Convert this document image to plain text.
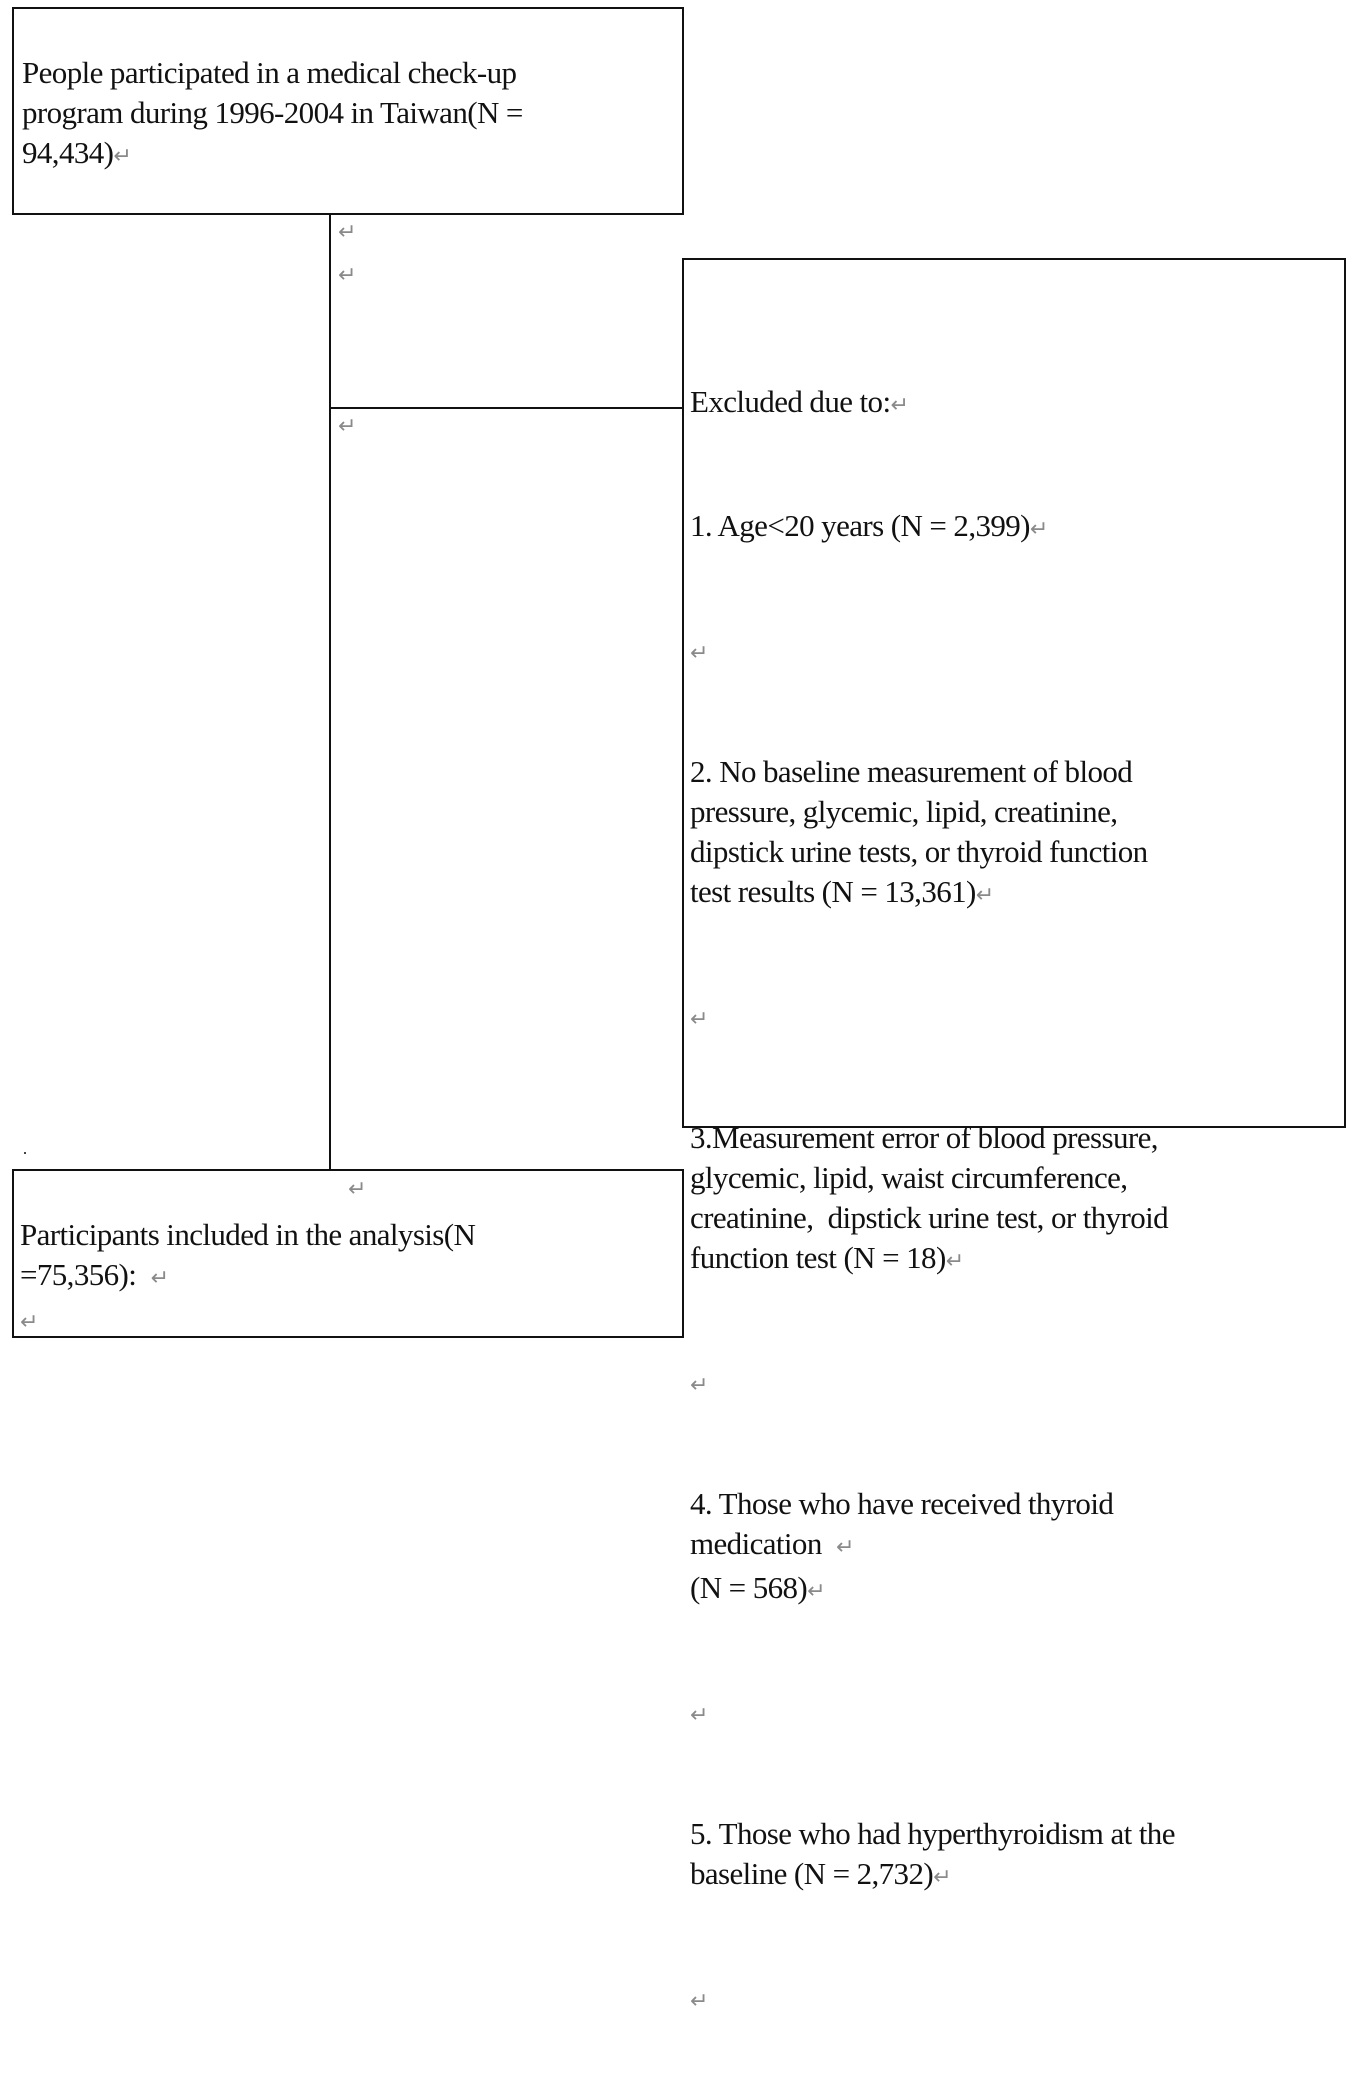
People participated in a medical check-up
program during 1996-2004 in Taiwan(N =
94,434)↵
↵
↵
↵

Excluded due to:↵

1. Age<20 years (N = 2,399)↵

↵

2. No baseline measurement of blood
pressure, glycemic, lipid, creatinine,
dipstick urine tests, or thyroid function
test results (N = 13,361)↵

↵

3.Measurement error of blood pressure,
glycemic, lipid, waist circumference,
creatinine,  dipstick urine test, or thyroid
function test (N = 18)↵

↵

4. Those who have received thyroid
medication  ↵
(N = 568)↵

↵

5. Those who had hyperthyroidism at the
baseline (N = 2,732)↵

↵

↵
Participants included in the analysis(N
=75,356):  ↵
↵
